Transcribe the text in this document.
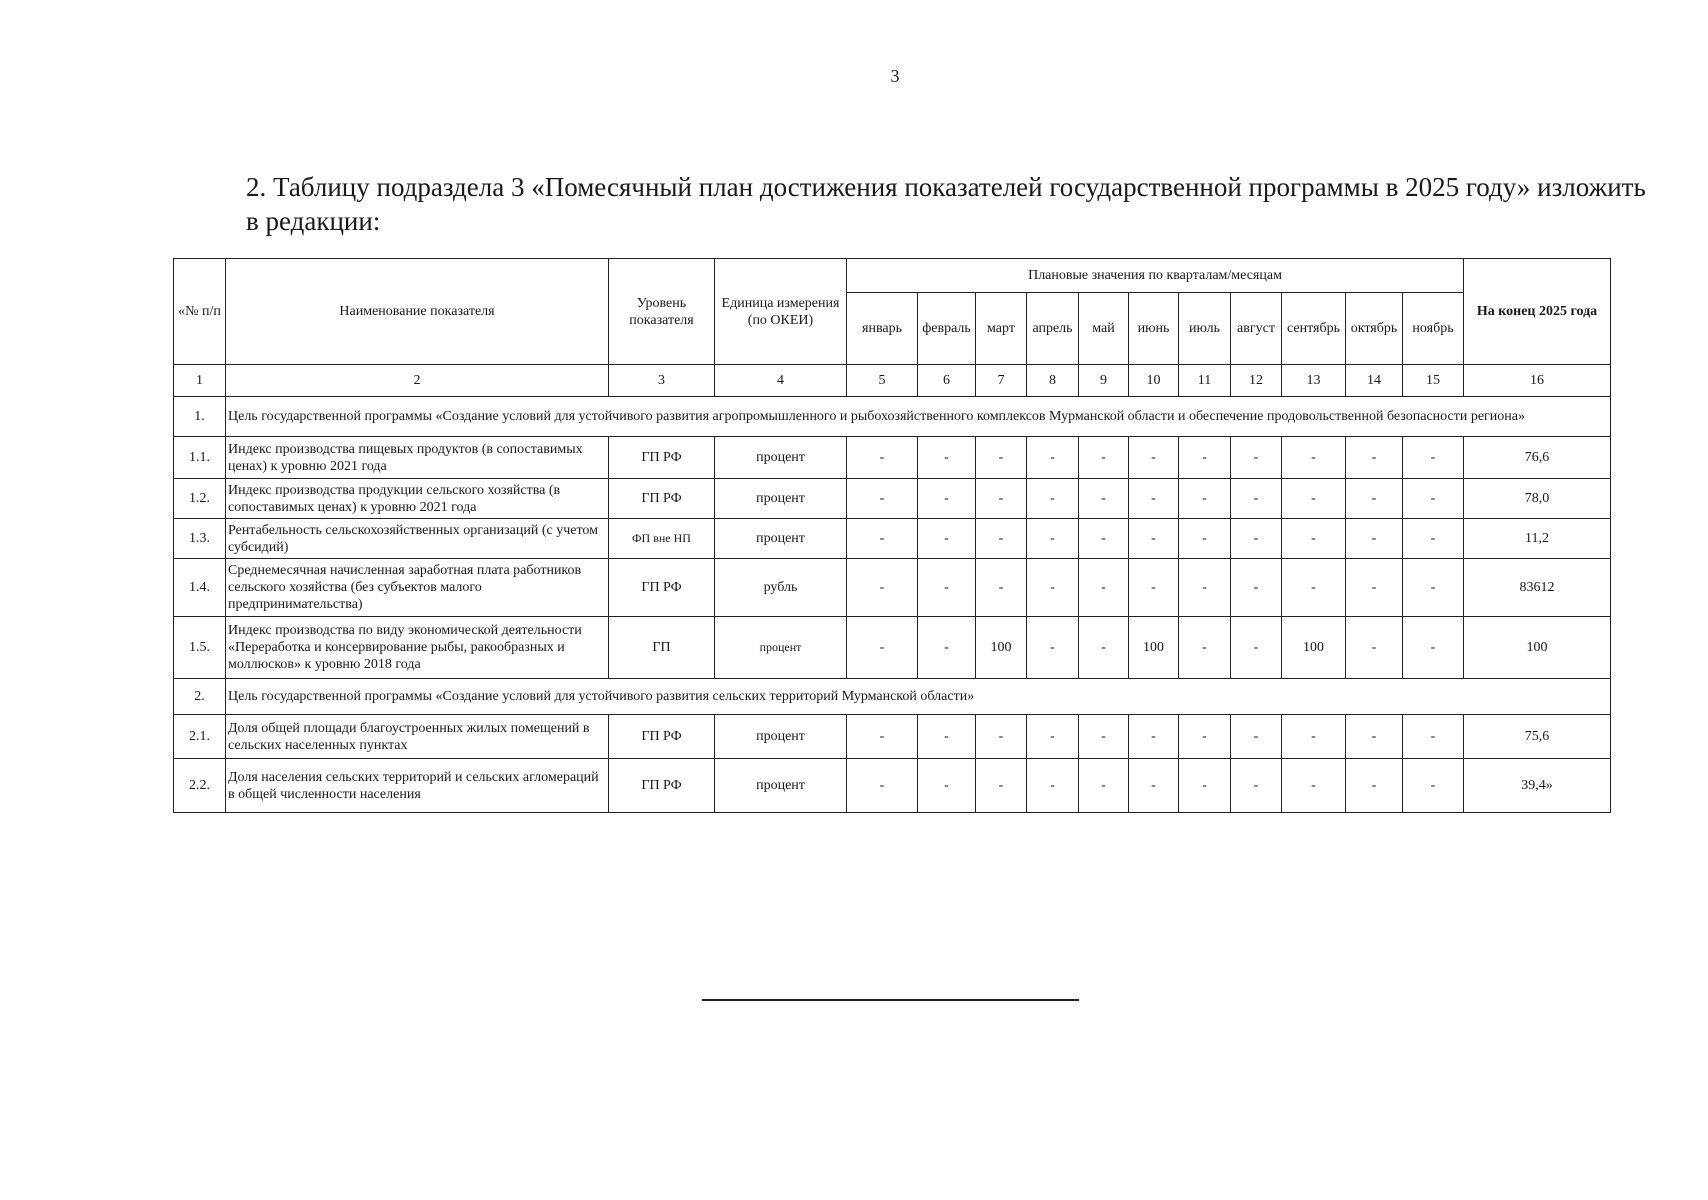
3
2. Таблицу подраздела 3 «Помесячный план достижения показателей государственной программы в 2025 году» изложить в редакции:
«№ п/п	Наименование показателя	Уровень показателя	Единица измерения (по ОКЕИ)	Плановые значения по кварталам/месяцам											На конец 2025 года
				январь	февраль	март	апрель	май	июнь	июль	август	сентябрь	октябрь	ноябрь	
1	2	3	4	5	6	7	8	9	10	11	12	13	14	15	16
1.	Цель государственной программы «Создание условий для устойчивого развития агропромышленного и рыбохозяйственного комплексов Мурманской области и обеспечение продовольственной безопасности региона»														
1.1.	Индекс производства пищевых продуктов (в сопоставимых ценах) к уровню 2021 года	ГП РФ	процент	-	-	-	-	-	-	-	-	-	-	-	76,6
1.2.	Индекс производства продукции сельского хозяйства (в сопоставимых ценах) к уровню 2021 года	ГП РФ	процент	-	-	-	-	-	-	-	-	-	-	-	78,0
1.3.	Рентабельность сельскохозяйственных организаций (с учетом субсидий)	ФП вне НП	процент	-	-	-	-	-	-	-	-	-	-	-	11,2
1.4.	Среднемесячная начисленная заработная плата работников сельского хозяйства (без субъектов малого предпринимательства)	ГП РФ	рубль	-	-	-	-	-	-	-	-	-	-	-	83612
1.5.	Индекс производства по виду экономической деятельности «Переработка и консервирование рыбы, ракообразных и моллюсков» к уровню 2018 года	ГП	процент	-	-	100	-	-	100	-	-	100	-	-	100
2.	Цель государственной программы «Создание условий для устойчивого развития сельских территорий Мурманской области»														
2.1.	Доля общей площади благоустроенных жилых помещений в сельских населенных пунктах	ГП РФ	процент	-	-	-	-	-	-	-	-	-	-	-	75,6
2.2.	Доля населения сельских территорий и сельских агломераций в общей численности населения	ГП РФ	процент	-	-	-	-	-	-	-	-	-	-	-	39,4»
